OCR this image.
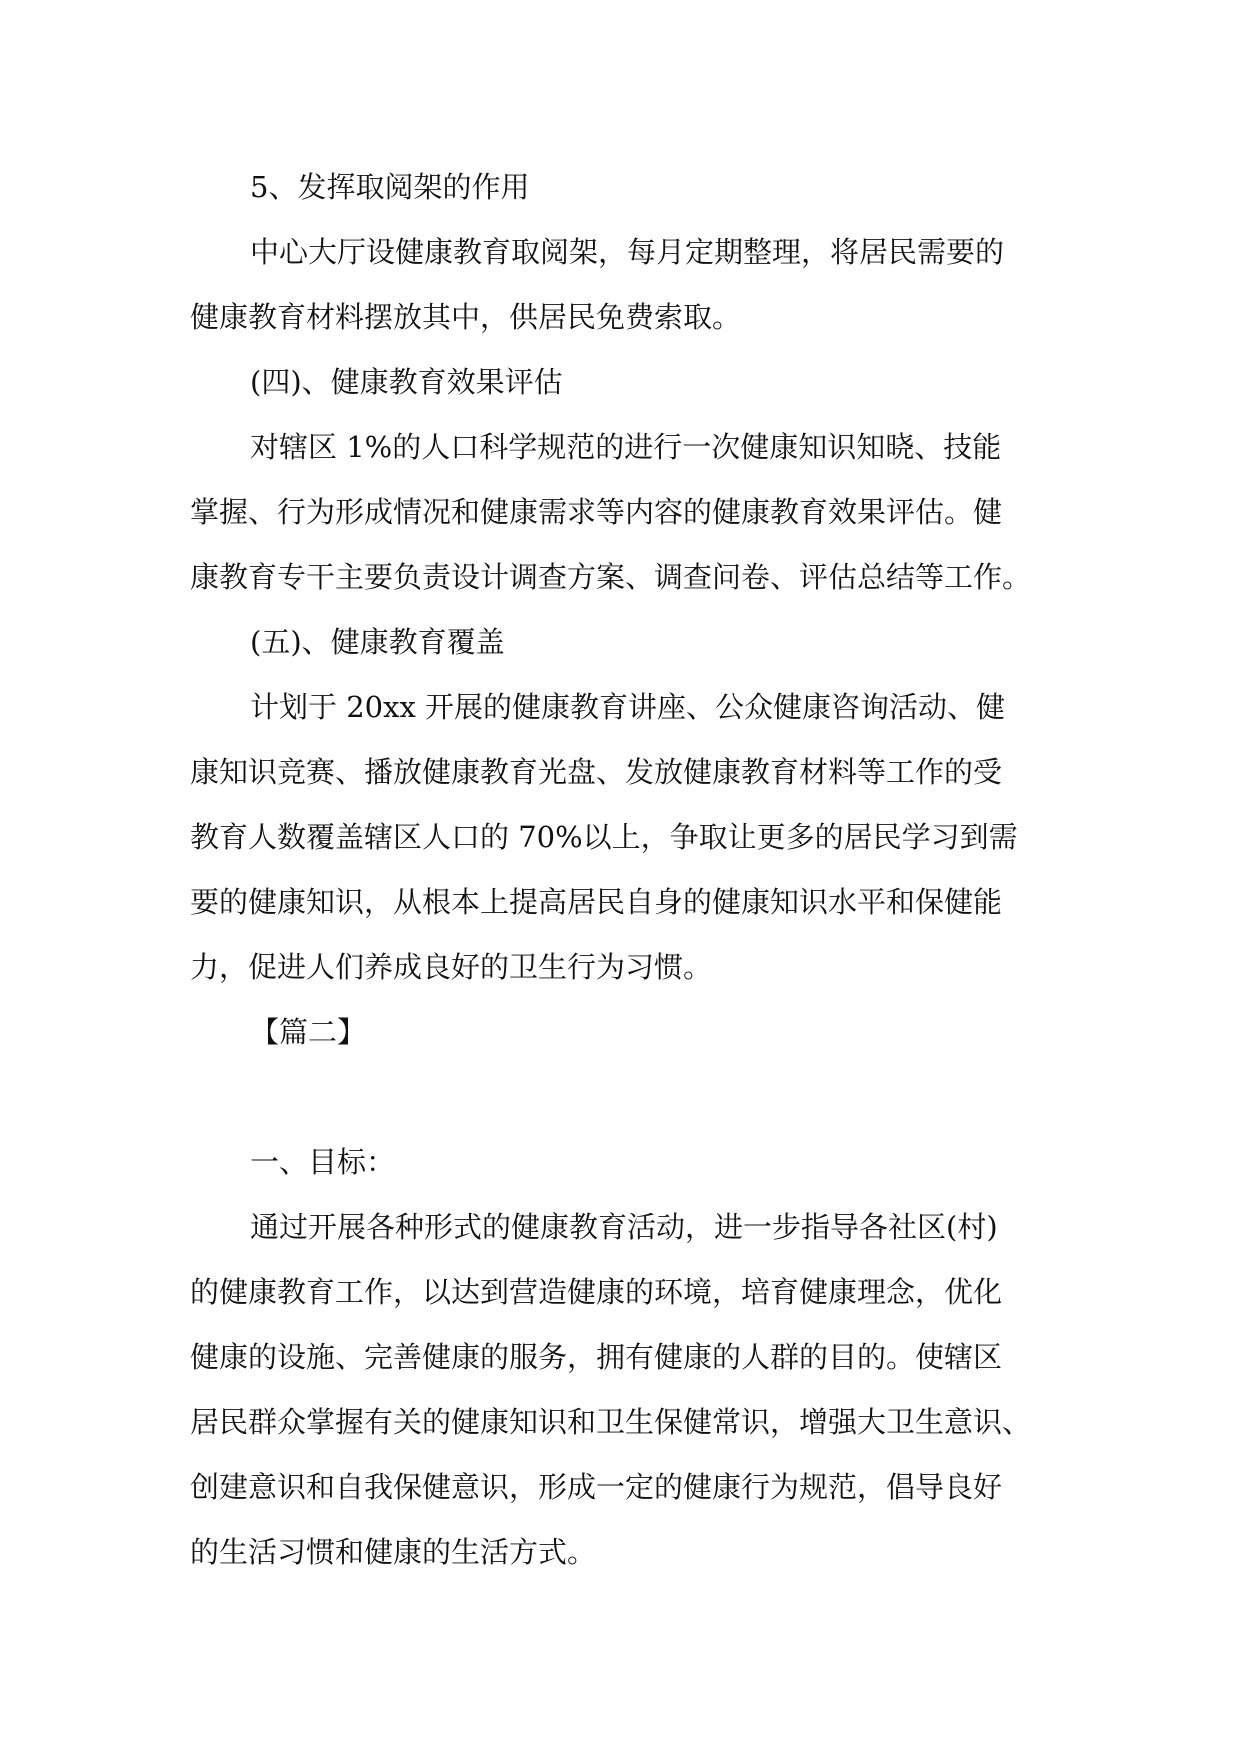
5、发挥取阅架的作用
中心大厅设健康教育取阅架，每月定期整理，将居民需要的
健康教育材料摆放其中，供居民免费索取。
(四)、健康教育效果评估
对辖区 1%的人口科学规范的进行一次健康知识知晓、技能
掌握、行为形成情况和健康需求等内容的健康教育效果评估。健
康教育专干主要负责设计调查方案、调查问卷、评估总结等工作。
(五)、健康教育覆盖
计划于 20xx 开展的健康教育讲座、公众健康咨询活动、健
康知识竞赛、播放健康教育光盘、发放健康教育材料等工作的受
教育人数覆盖辖区人口的 70%以上，争取让更多的居民学习到需
要的健康知识，从根本上提高居民自身的健康知识水平和保健能
力，促进人们养成良好的卫生行为习惯。
【篇二】
一、目标：
通过开展各种形式的健康教育活动，进一步指导各社区(村)
的健康教育工作，以达到营造健康的环境，培育健康理念，优化
健康的设施、完善健康的服务，拥有健康的人群的目的。使辖区
居民群众掌握有关的健康知识和卫生保健常识，增强大卫生意识、
创建意识和自我保健意识，形成一定的健康行为规范，倡导良好
的生活习惯和健康的生活方式。
